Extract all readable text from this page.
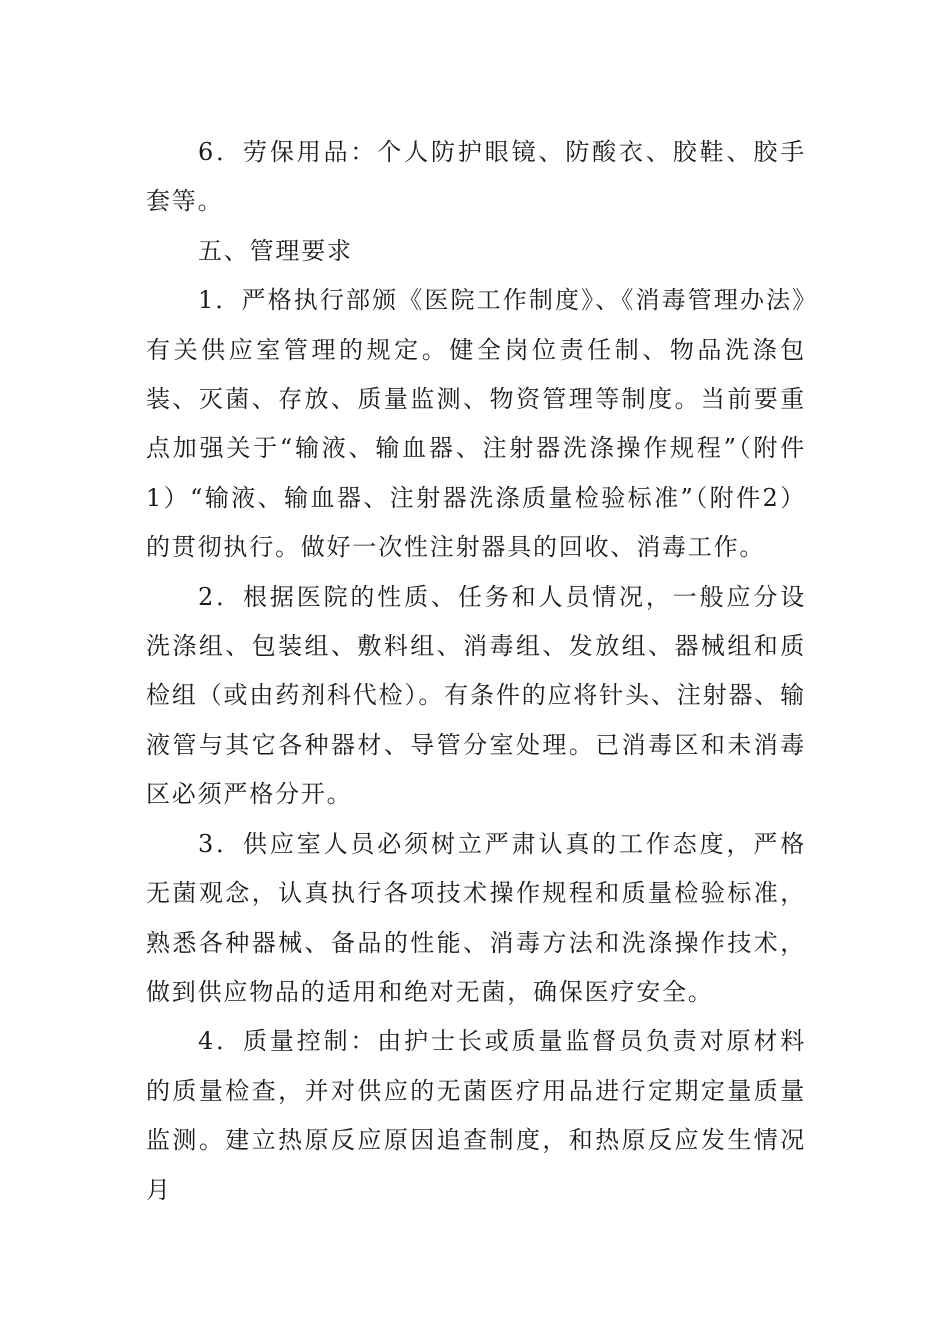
6．劳保用品：个人防护眼镜、防酸衣、胶鞋、胶手套等。

五、管理要求

1．严格执行部颁《医院工作制度》、《消毒管理办法》有关供应室管理的规定。健全岗位责任制、物品洗涤包装、灭菌、存放、质量监测、物资管理等制度。当前要重点加强关于“输液、输血器、注射器洗涤操作规程”（附件1）“输液、输血器、注射器洗涤质量检验标准”（附件2）的贯彻执行。做好一次性注射器具的回收、消毒工作。

2．根据医院的性质、任务和人员情况，一般应分设洗涤组、包装组、敷料组、消毒组、发放组、器械组和质检组（或由药剂科代检）。有条件的应将针头、注射器、输液管与其它各种器材、导管分室处理。已消毒区和未消毒区必须严格分开。

3．供应室人员必须树立严肃认真的工作态度，严格无菌观念，认真执行各项技术操作规程和质量检验标准，熟悉各种器械、备品的性能、消毒方法和洗涤操作技术，做到供应物品的适用和绝对无菌，确保医疗安全。

4．质量控制：由护士长或质量监督员负责对原材料的质量检查，并对供应的无菌医疗用品进行定期定量质量监测。建立热原反应原因追查制度，和热原反应发生情况月
